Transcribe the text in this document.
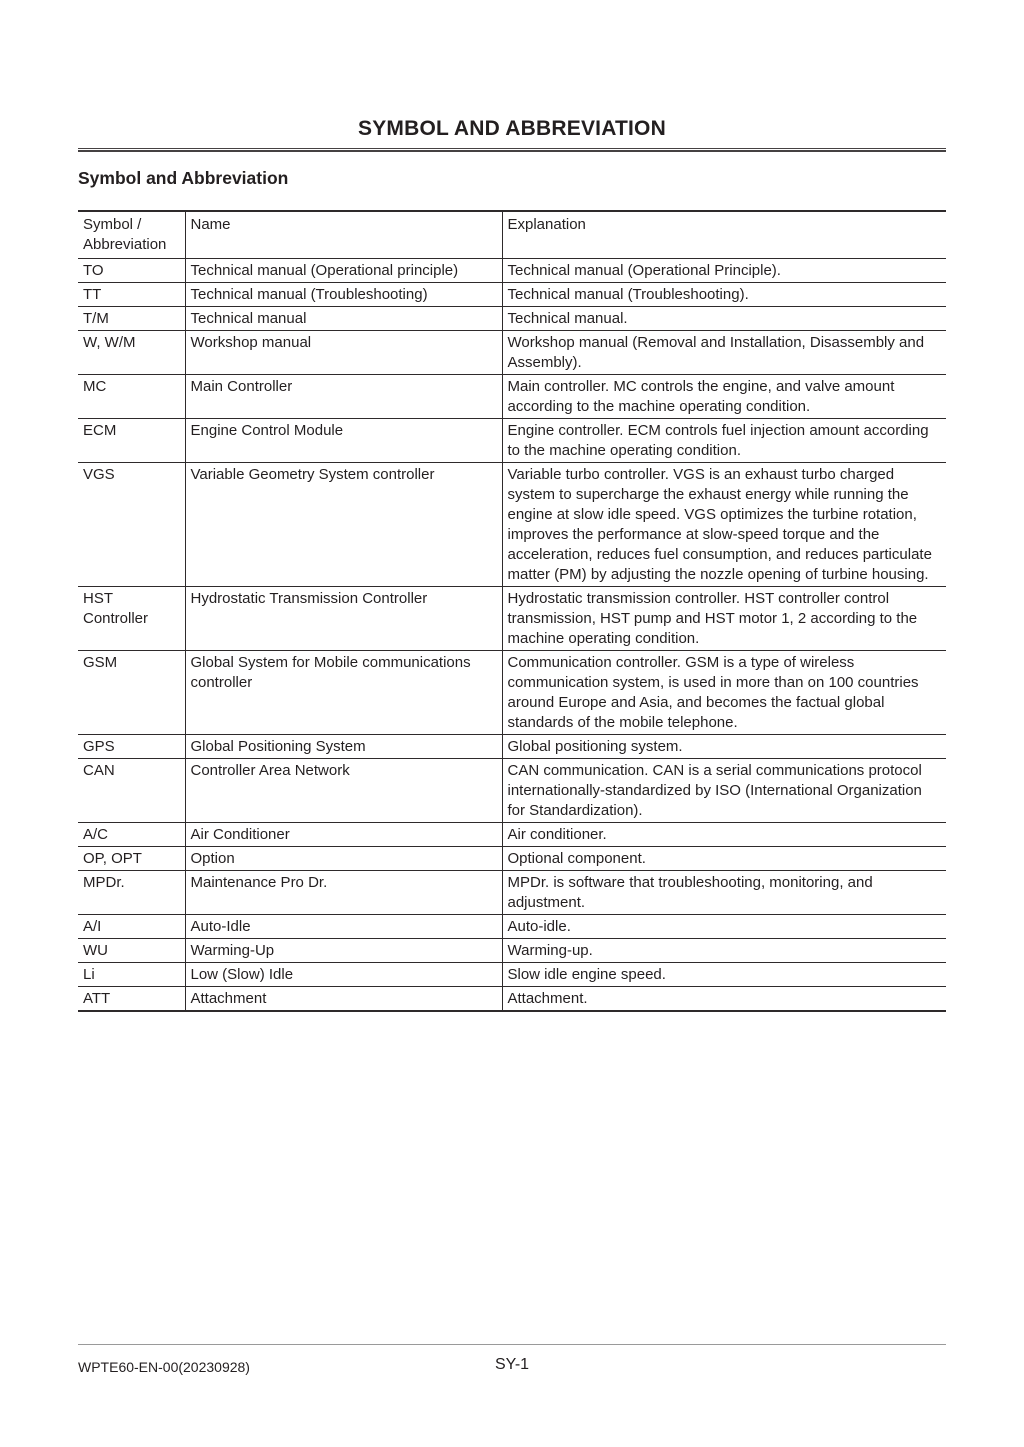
SYMBOL AND ABBREVIATION
Symbol and Abbreviation
Symbol / Abbreviation	Name	Explanation
TO	Technical manual (Operational principle)	Technical manual (Operational Principle).
TT	Technical manual (Troubleshooting)	Technical manual (Troubleshooting).
T/M	Technical manual	Technical manual.
W, W/M	Workshop manual	Workshop manual (Removal and Installation, Disassembly and Assembly).
MC	Main Controller	Main controller. MC controls the engine, and valve amount according to the machine operating condition.
ECM	Engine Control Module	Engine controller. ECM controls fuel injection amount according to the machine operating condition.
VGS	Variable Geometry System controller	Variable turbo controller. VGS is an exhaust turbo charged system to supercharge the exhaust energy while running the engine at slow idle speed. VGS optimizes the turbine rotation, improves the performance at slow-speed torque and the acceleration, reduces fuel consumption, and reduces particulate matter (PM) by adjusting the nozzle opening of turbine housing.
HST Controller	Hydrostatic Transmission Controller	Hydrostatic transmission controller. HST controller control transmission, HST pump and HST motor 1, 2 according to the machine operating condition.
GSM	Global System for Mobile communications controller	Communication controller. GSM is a type of wireless communication system, is used in more than on 100 countries around Europe and Asia, and becomes the factual global standards of the mobile telephone.
GPS	Global Positioning System	Global positioning system.
CAN	Controller Area Network	CAN communication. CAN is a serial communications protocol internationally-standardized by ISO (International Organization for Standardization).
A/C	Air Conditioner	Air conditioner.
OP, OPT	Option	Optional component.
MPDr.	Maintenance Pro Dr.	MPDr. is software that troubleshooting, monitoring, and adjustment.
A/I	Auto-Idle	Auto-idle.
WU	Warming-Up	Warming-up.
Li	Low (Slow) Idle	Slow idle engine speed.
ATT	Attachment	Attachment.
WPTE60-EN-00(20230928)	SY-1
